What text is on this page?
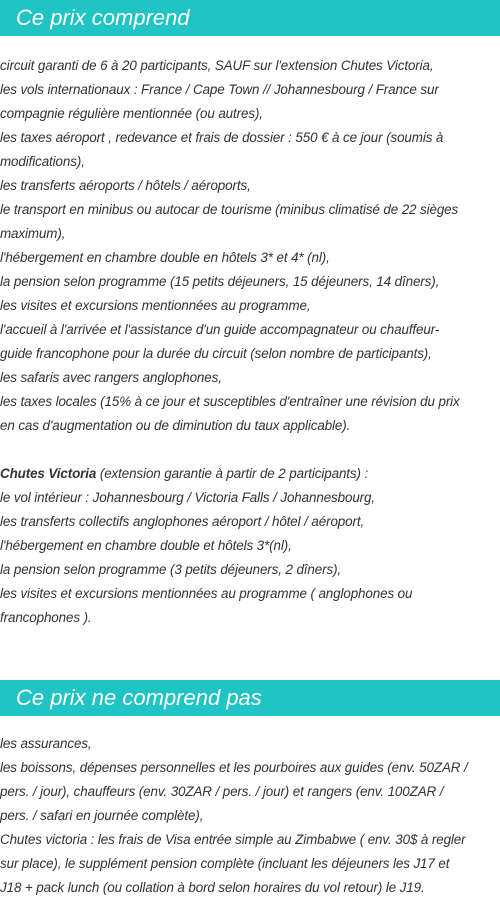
Ce prix comprend
circuit garanti de 6 à 20 participants, SAUF sur l'extension Chutes Victoria,
les vols internationaux : France / Cape Town // Johannesbourg / France sur
compagnie régulière mentionnée (ou autres),
les taxes aéroport , redevance et frais de dossier : 550 € à ce jour (soumis à
modifications),
les transferts aéroports / hôtels / aéroports,
le transport en minibus ou autocar de tourisme (minibus climatisé de 22 sièges
maximum),
l'hébergement en chambre double en hôtels 3* et 4* (nl),
la pension selon programme (15 petits déjeuners, 15 déjeuners, 14 dîners),
les visites et excursions mentionnées au programme,
l'accueil à l'arrivée et l'assistance d'un guide accompagnateur ou chauffeur-
guide francophone pour la durée du circuit (selon nombre de participants),
les safaris avec rangers anglophones,
les taxes locales (15% à ce jour et susceptibles d'entraîner une révision du prix
en cas d'augmentation ou de diminution du taux applicable).
Chutes Victoria (extension garantie à partir de 2 participants) :
le vol intérieur : Johannesbourg / Victoria Falls / Johannesbourg,
les transferts collectifs anglophones aéroport / hôtel / aéroport,
l'hébergement en chambre double et hôtels 3*(nl),
la pension selon programme (3 petits déjeuners, 2 dîners),
les visites et excursions mentionnées au programme ( anglophones ou
francophones ).
Ce prix ne comprend pas
les assurances,
les boissons, dépenses personnelles et les pourboires aux guides (env. 50ZAR /
pers. / jour), chauffeurs (env. 30ZAR / pers. / jour) et rangers (env. 100ZAR /
pers. / safari en journée complète),
Chutes victoria : les frais de Visa entrée simple au Zimbabwe ( env. 30$ à regler
sur place), le supplément pension complète (incluant les déjeuners les J17 et
J18 + pack lunch (ou collation à bord selon horaires du vol retour) le J19.
